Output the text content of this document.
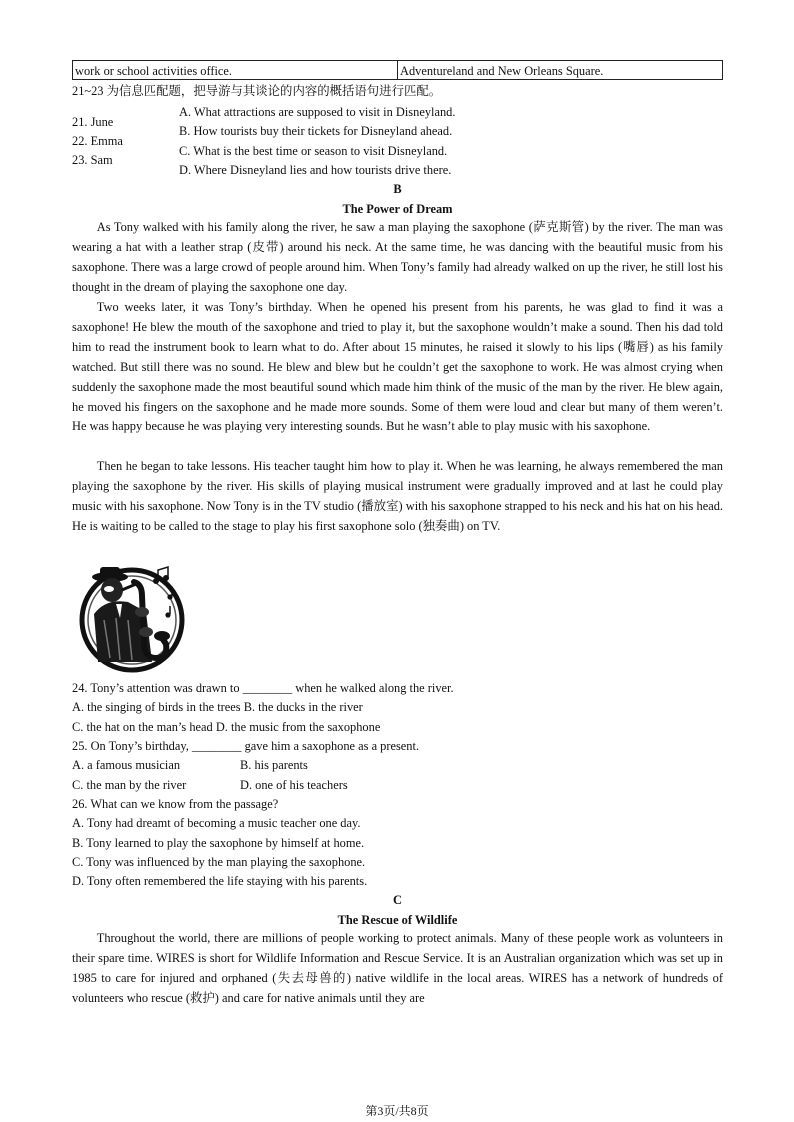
work or school activities office.	Adventureland and New Orleans Square.
21~23 为信息匹配题，把导游与其谈论的内容的概括语句进行匹配。
21. June
22. Emma
23. Sam
A. What attractions are supposed to visit in Disneyland.
B. How tourists buy their tickets for Disneyland ahead.
C. What is the best time or season to visit Disneyland.
D. Where Disneyland lies and how tourists drive there.
B
The Power of Dream
As Tony walked with his family along the river, he saw a man playing the saxophone (萨克斯管) by the river. The man was wearing a hat with a leather strap (皮带) around his neck. At the same time, he was dancing with the beautiful music from his saxophone. There was a large crowd of people around him. When Tony’s family had already walked on up the river, he still lost his thought in the dream of playing the saxophone one day.
Two weeks later, it was Tony’s birthday. When he opened his present from his parents, he was glad to find it was a saxophone! He blew the mouth of the saxophone and tried to play it, but the saxophone wouldn’t make a sound. Then his dad told him to read the instrument book to learn what to do. After about 15 minutes, he raised it slowly to his lips (嘴唇) as his family watched. But still there was no sound. He blew and blew but he couldn’t get the saxophone to work. He was almost crying when suddenly the saxophone made the most beautiful sound which made him think of the music of the man by the river. He blew again, he moved his fingers on the saxophone and he made more sounds. Some of them were loud and clear but many of them weren’t. He was happy because he was playing very interesting sounds. But he wasn’t able to play music with his saxophone.
Then he began to take lessons. His teacher taught him how to play it. When he was learning, he always remembered the man playing the saxophone by the river. His skills of playing musical instrument were gradually improved and at last he could play music with his saxophone. Now Tony is in the TV studio (播放室) with his saxophone strapped to his neck and his hat on his head. He is waiting to be called to the stage to play his first saxophone solo (独奏曲) on TV.
24. Tony’s attention was drawn to ________ when he walked along the river.
A. the singing of birds in the trees B. the ducks in the river
C. the hat on the man’s head D. the music from the saxophone
25. On Tony’s birthday, ________ gave him a saxophone as a present.
A. a famous musician	B. his parents
C. the man by the river	D. one of his teachers
26. What can we know from the passage?
A. Tony had dreamt of becoming a music teacher one day.
B. Tony learned to play the saxophone by himself at home.
C. Tony was influenced by the man playing the saxophone.
D. Tony often remembered the life staying with his parents.
C
The Rescue of Wildlife
Throughout the world, there are millions of people working to protect animals. Many of these people work as volunteers in their spare time. WIRES is short for Wildlife Information and Rescue Service. It is an Australian organization which was set up in 1985 to care for injured and orphaned (失去母兽的) native wildlife in the local areas. WIRES has a network of hundreds of volunteers who rescue (救护) and care for native animals until they are
第3页/共8页
